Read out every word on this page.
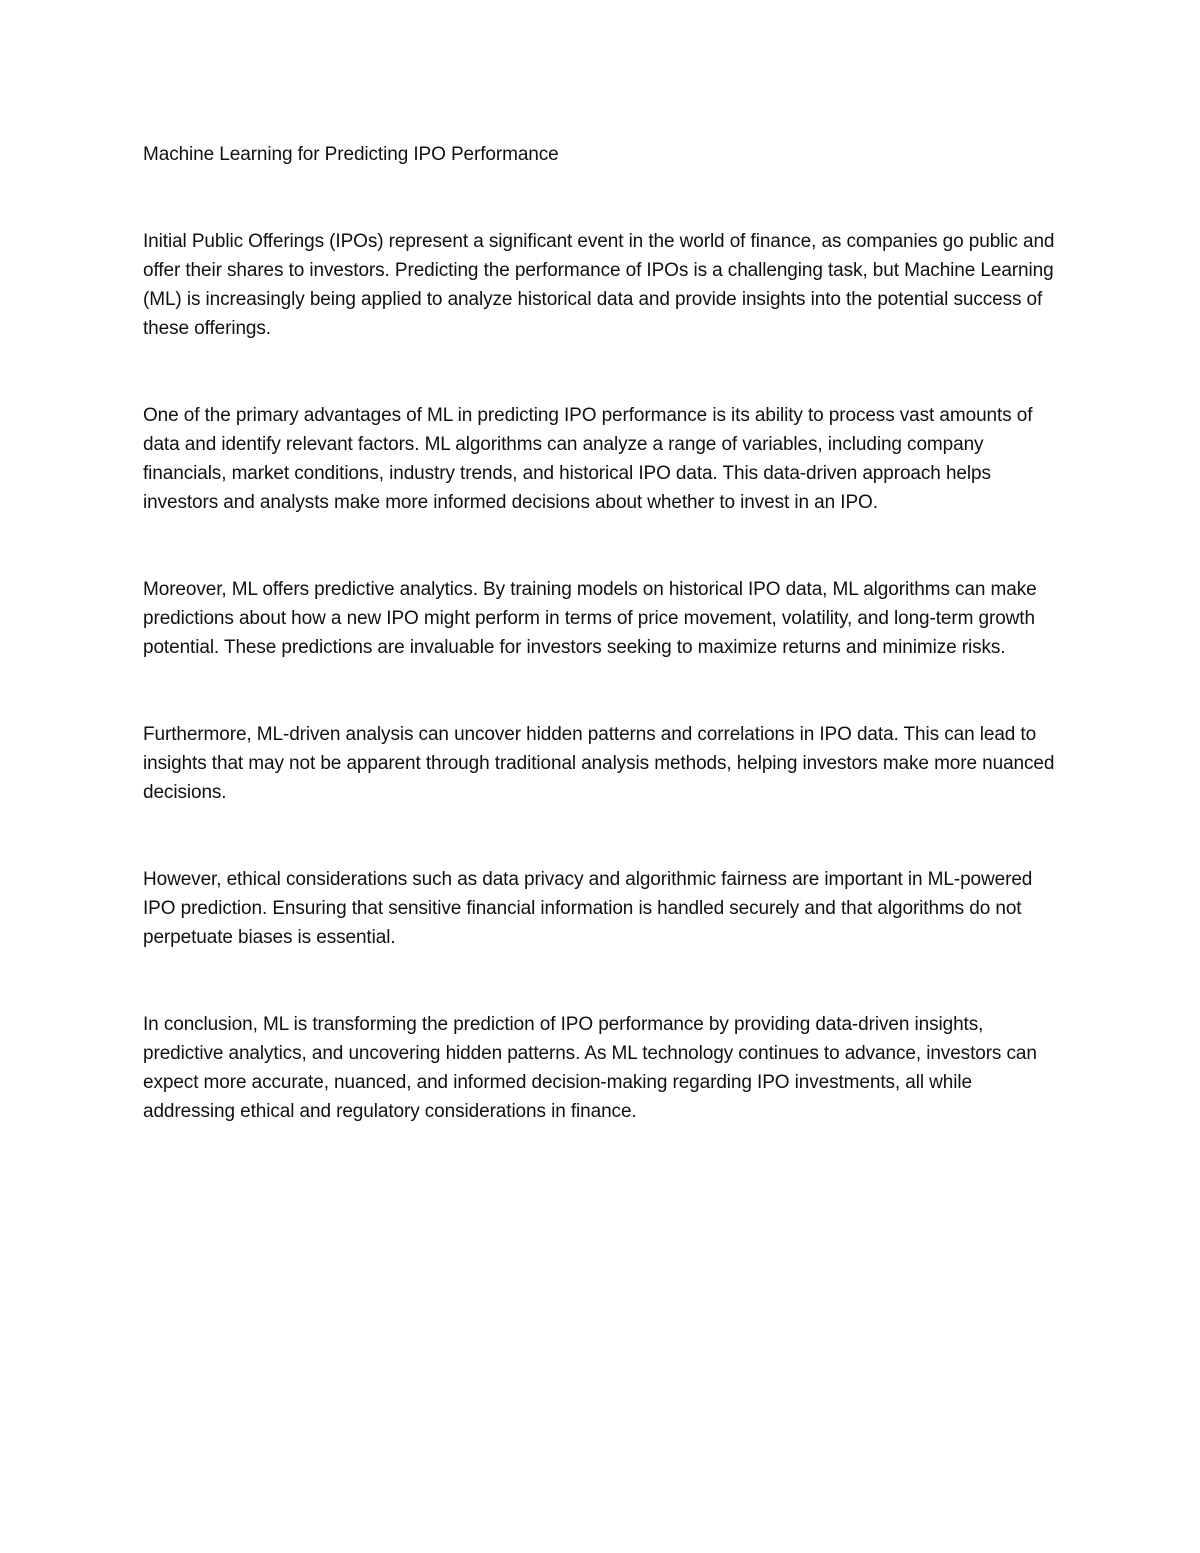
Machine Learning for Predicting IPO Performance

Initial Public Offerings (IPOs) represent a significant event in the world of finance, as companies go public and offer their shares to investors. Predicting the performance of IPOs is a challenging task, but Machine Learning (ML) is increasingly being applied to analyze historical data and provide insights into the potential success of these offerings.

One of the primary advantages of ML in predicting IPO performance is its ability to process vast amounts of data and identify relevant factors. ML algorithms can analyze a range of variables, including company financials, market conditions, industry trends, and historical IPO data. This data-driven approach helps investors and analysts make more informed decisions about whether to invest in an IPO.

Moreover, ML offers predictive analytics. By training models on historical IPO data, ML algorithms can make predictions about how a new IPO might perform in terms of price movement, volatility, and long-term growth potential. These predictions are invaluable for investors seeking to maximize returns and minimize risks.

Furthermore, ML-driven analysis can uncover hidden patterns and correlations in IPO data. This can lead to insights that may not be apparent through traditional analysis methods, helping investors make more nuanced decisions.

However, ethical considerations such as data privacy and algorithmic fairness are important in ML-powered IPO prediction. Ensuring that sensitive financial information is handled securely and that algorithms do not perpetuate biases is essential.

In conclusion, ML is transforming the prediction of IPO performance by providing data-driven insights, predictive analytics, and uncovering hidden patterns. As ML technology continues to advance, investors can expect more accurate, nuanced, and informed decision-making regarding IPO investments, all while addressing ethical and regulatory considerations in finance.
